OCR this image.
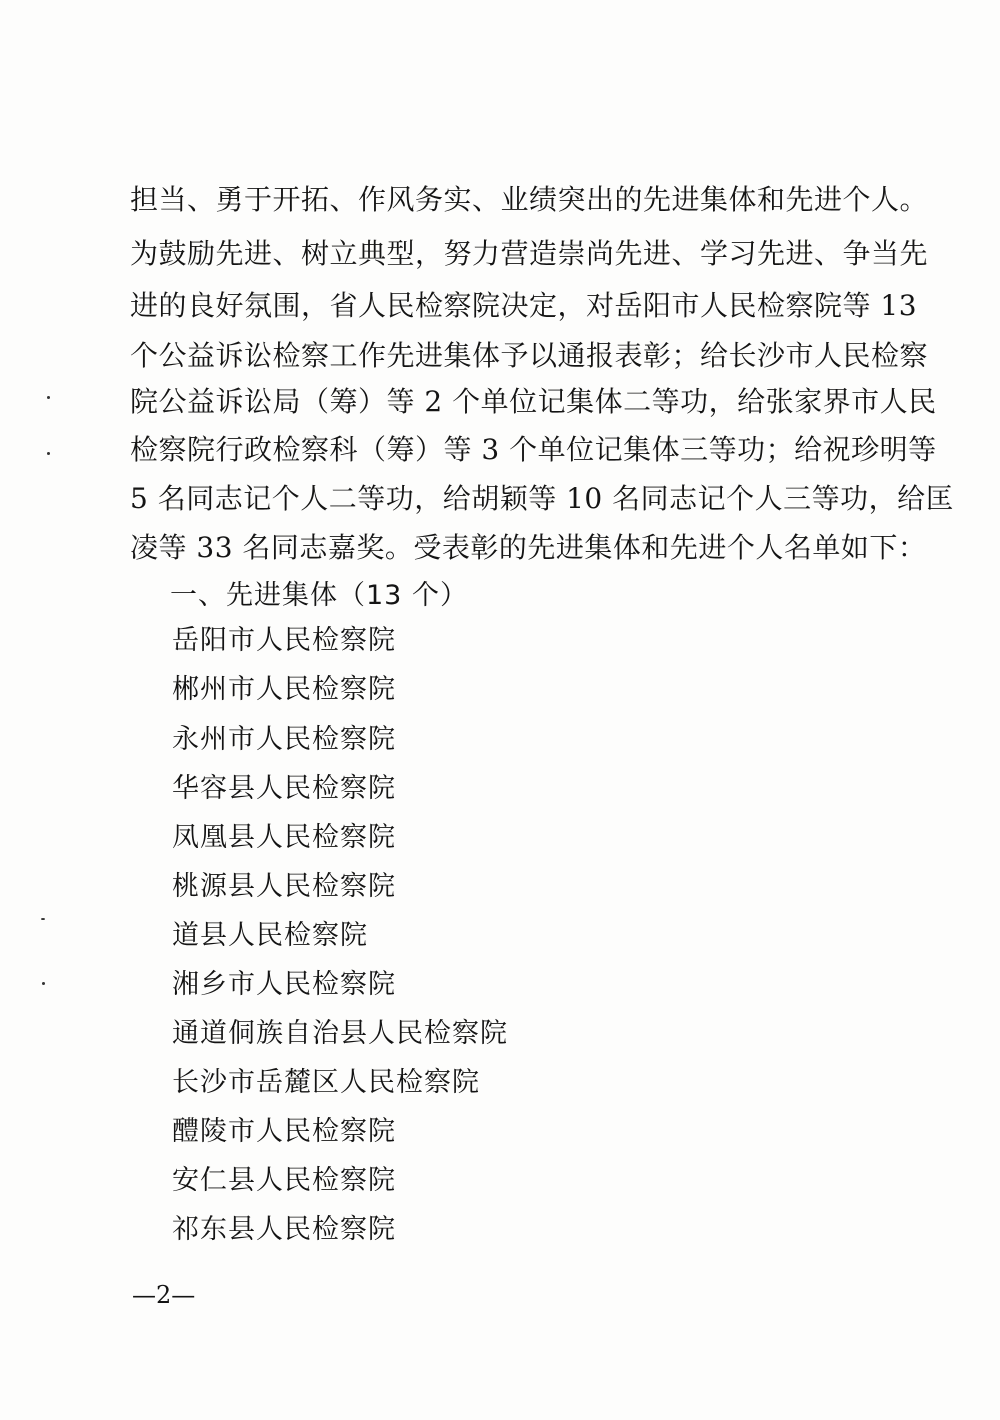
担当、勇于开拓、作风务实、业绩突出的先进集体和先进个人。
为鼓励先进、树立典型，努力营造崇尚先进、学习先进、争当先
进的良好氛围，省人民检察院决定，对岳阳市人民检察院等 13
个公益诉讼检察工作先进集体予以通报表彰；给长沙市人民检察
院公益诉讼局（筹）等 2 个单位记集体二等功，给张家界市人民
检察院行政检察科（筹）等 3 个单位记集体三等功；给祝珍明等
5 名同志记个人二等功，给胡颖等 10 名同志记个人三等功，给匡
凌等 33 名同志嘉奖。受表彰的先进集体和先进个人名单如下：
一、先进集体（13 个）
岳阳市人民检察院
郴州市人民检察院
永州市人民检察院
华容县人民检察院
凤凰县人民检察院
桃源县人民检察院
道县人民检察院
湘乡市人民检察院
通道侗族自治县人民检察院
长沙市岳麓区人民检察院
醴陵市人民检察院
安仁县人民检察院
祁东县人民检察院
—2—
